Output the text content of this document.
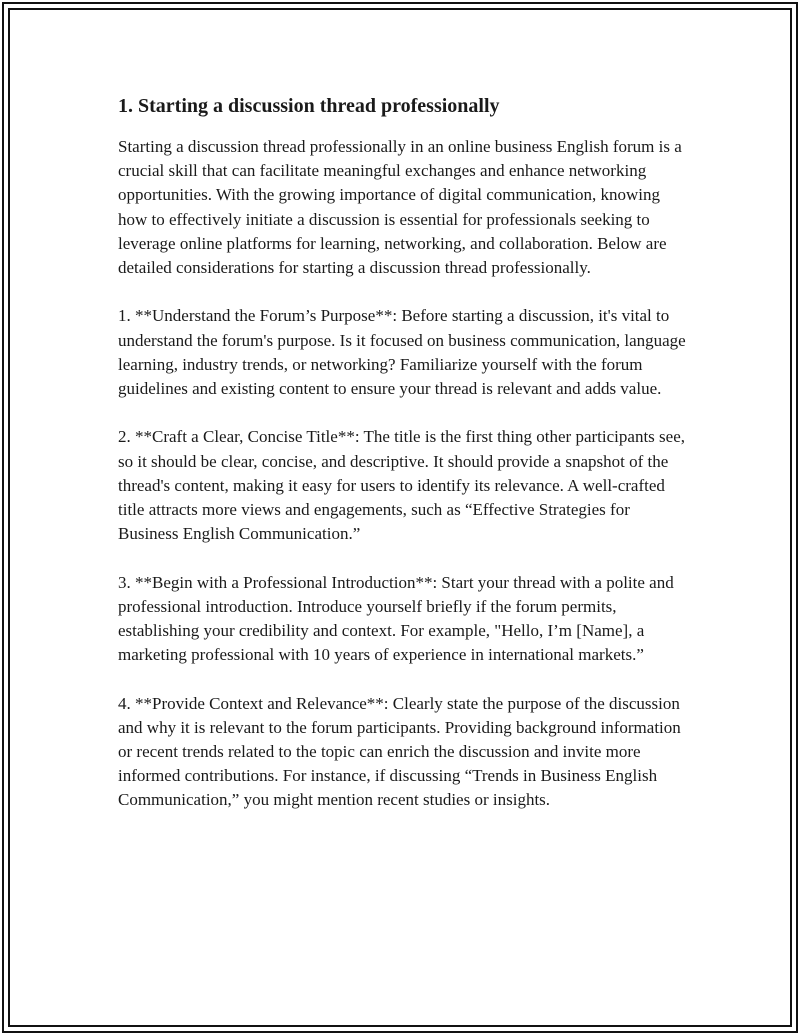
1. Starting a discussion thread professionally

Starting a discussion thread professionally in an online business English forum is a crucial skill that can facilitate meaningful exchanges and enhance networking opportunities. With the growing importance of digital communication, knowing how to effectively initiate a discussion is essential for professionals seeking to leverage online platforms for learning, networking, and collaboration. Below are detailed considerations for starting a discussion thread professionally.

1. **Understand the Forum’s Purpose**: Before starting a discussion, it's vital to understand the forum's purpose. Is it focused on business communication, language learning, industry trends, or networking? Familiarize yourself with the forum guidelines and existing content to ensure your thread is relevant and adds value.

2. **Craft a Clear, Concise Title**: The title is the first thing other participants see, so it should be clear, concise, and descriptive. It should provide a snapshot of the thread's content, making it easy for users to identify its relevance. A well-crafted title attracts more views and engagements, such as “Effective Strategies for Business English Communication.”

3. **Begin with a Professional Introduction**: Start your thread with a polite and professional introduction. Introduce yourself briefly if the forum permits, establishing your credibility and context. For example, "Hello, I’m [Name], a marketing professional with 10 years of experience in international markets.”

4. **Provide Context and Relevance**: Clearly state the purpose of the discussion and why it is relevant to the forum participants. Providing background information or recent trends related to the topic can enrich the discussion and invite more informed contributions. For instance, if discussing “Trends in Business English Communication,” you might mention recent studies or insights.
